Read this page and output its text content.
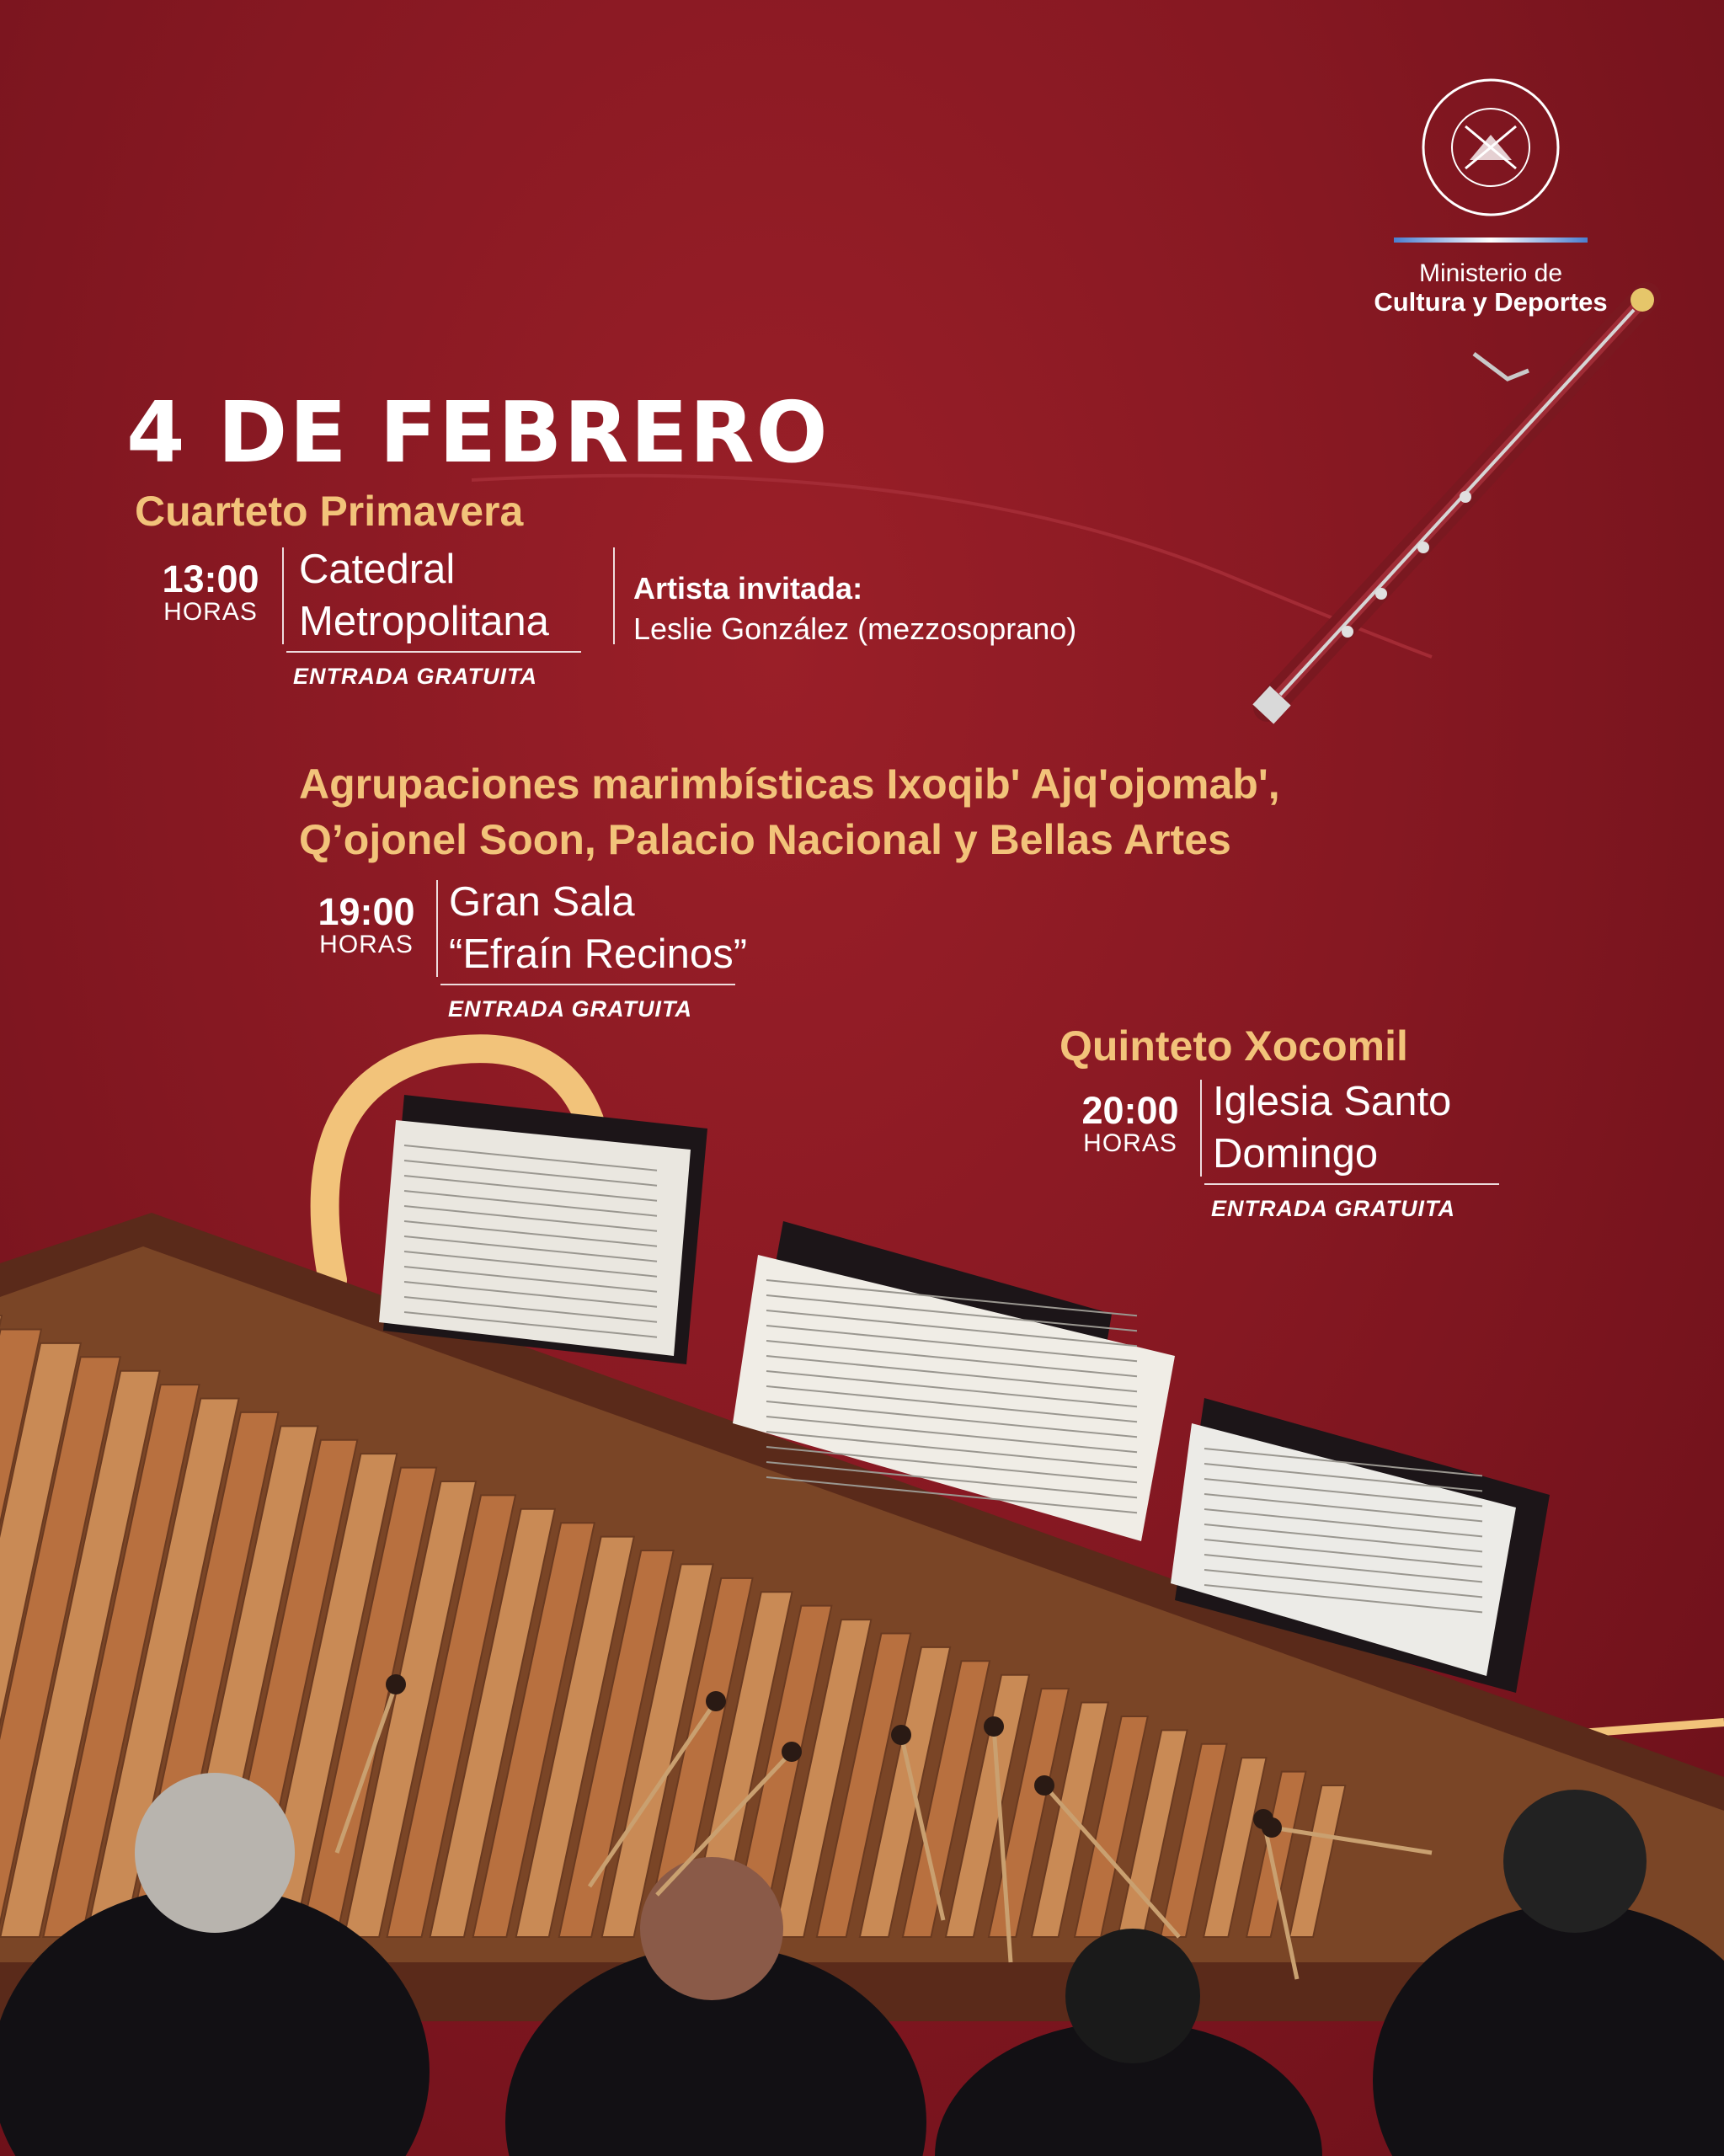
Ministerio de
Cultura y Deportes
4 DE FEBRERO
Cuarteto Primavera
13:00
HORAS
Catedral
Metropolitana
ENTRADA GRATUITA
Artista invitada:
Leslie González (mezzosoprano)
Agrupaciones marimbísticas Ixoqib' Ajq'ojomab',
Q’ojonel Soon, Palacio Nacional y Bellas Artes
19:00
HORAS
Gran Sala
“Efraín Recinos”
ENTRADA GRATUITA
Quinteto Xocomil
20:00
HORAS
Iglesia Santo
Domingo
ENTRADA GRATUITA
